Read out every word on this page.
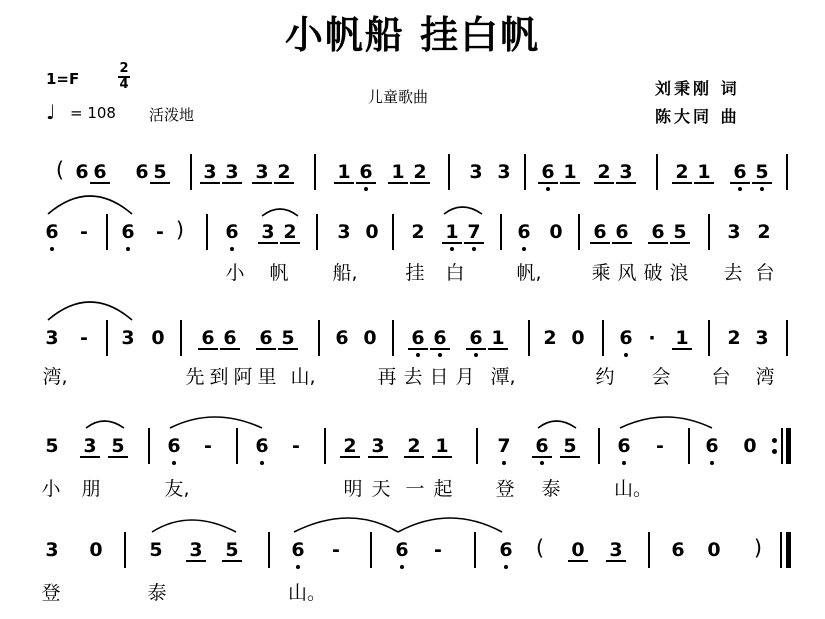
小帆船 挂白帆
1=F	$\frac{2}{4}$
♩ = 108 活泼地
儿童歌曲	刘秉刚 词
陈大同 曲
( 6 6 6 5 3 3 3 2 1 6 1 2 3 3 6 1 2 3 2 1 6 5
6	-	6	- )	6 3 2 3 0 2 1 7 6 0 6 6 6 5 3 2
小 帆 船,	挂 白	帆,	乘 风 破 浪 去 台
3	-	3 0 6 6 6 5 6 0 6 6 6 1 2 0 6 ·	1 2 3
湾,	先 到 阿 里 山,	再 去 日 月 潭,	约 会 台 湾
5 3 5 6	-	6	-	2 3 2 1	7 6 5 6	-	6 0
小 朋	友,	明 天 一 起 登 泰	山。
3 0 5 3 5	6	-	6	-	6 (	0 3	6 0 )
登	泰	山。
